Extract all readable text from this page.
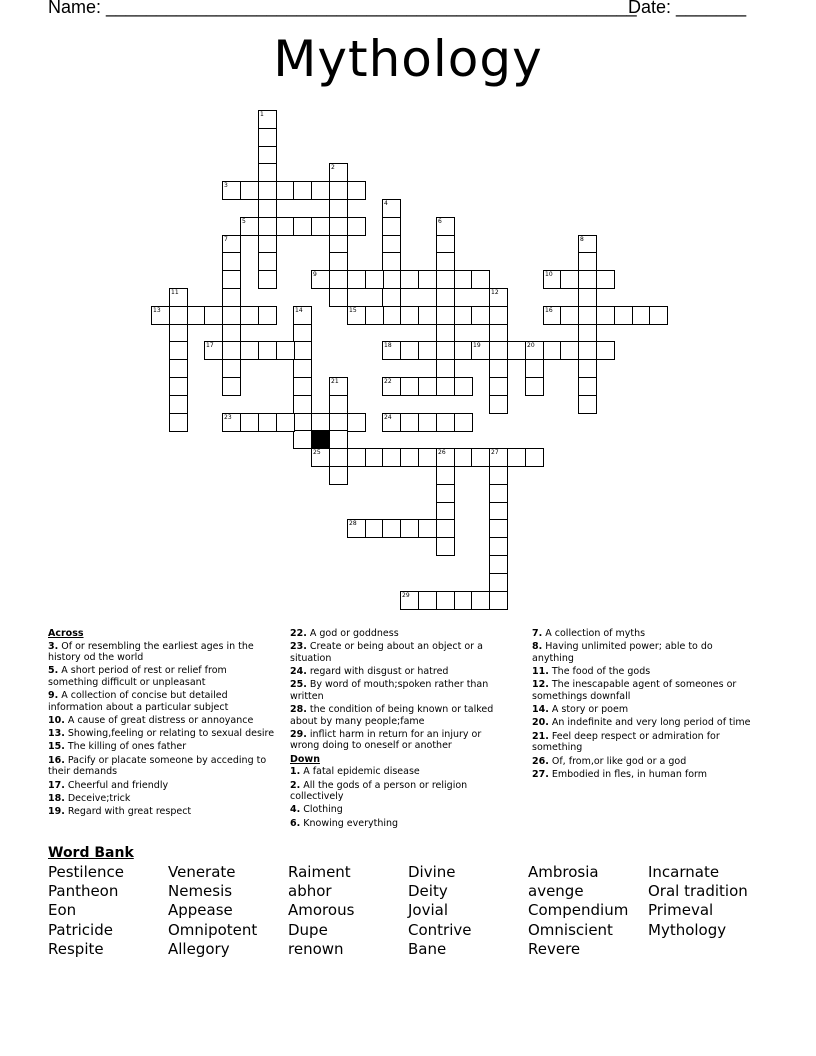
Name: _____________________________________________________
Date: _______
Mythology
1
2
3
4
5	6
7	8
9	10
11	12
13	14	15	16
17	18	19	20
21	22
23	24
25	26	27
28
29
Across
3. Of or resembling the earliest ages in the history od the world
5. A short period of rest or relief from something difficult or unpleasant
9. A collection of concise but detailed information about a particular subject
10. A cause of great distress or annoyance
13. Showing,feeling or relating to sexual desire
15. The killing of ones father
16. Pacify or placate someone by acceding to their demands
17. Cheerful and friendly
18. Deceive;trick
19. Regard with great respect
22. A god or goddness
23. Create or being about an object or a situation
24. regard with disgust or hatred
25. By word of mouth;spoken rather than written
28. the condition of being known or talked about by many people;fame
29. inflict harm in return for an injury or wrong doing to oneself or another
Down
1. A fatal epidemic disease
2. All the gods of a person or religion collectively
4. Clothing
6. Knowing everything
7. A collection of myths
8. Having unlimited power; able to do anything
11. The food of the gods
12. The inescapable agent of someones or somethings downfall
14. A story or poem
20. An indefinite and very long period of time
21. Feel deep respect or admiration for something
26. Of, from,or like god or a god
27. Embodied in fles, in human form
Word Bank
Pestilence	Venerate	Raiment	Divine	Ambrosia	Incarnate
Pantheon	Nemesis	abhor	Deity	avenge	Oral tradition
Eon	Appease	Amorous	Jovial	Compendium	Primeval
Patricide	Omnipotent	Dupe	Contrive	Omniscient	Mythology
Respite	Allegory	renown	Bane	Revere
